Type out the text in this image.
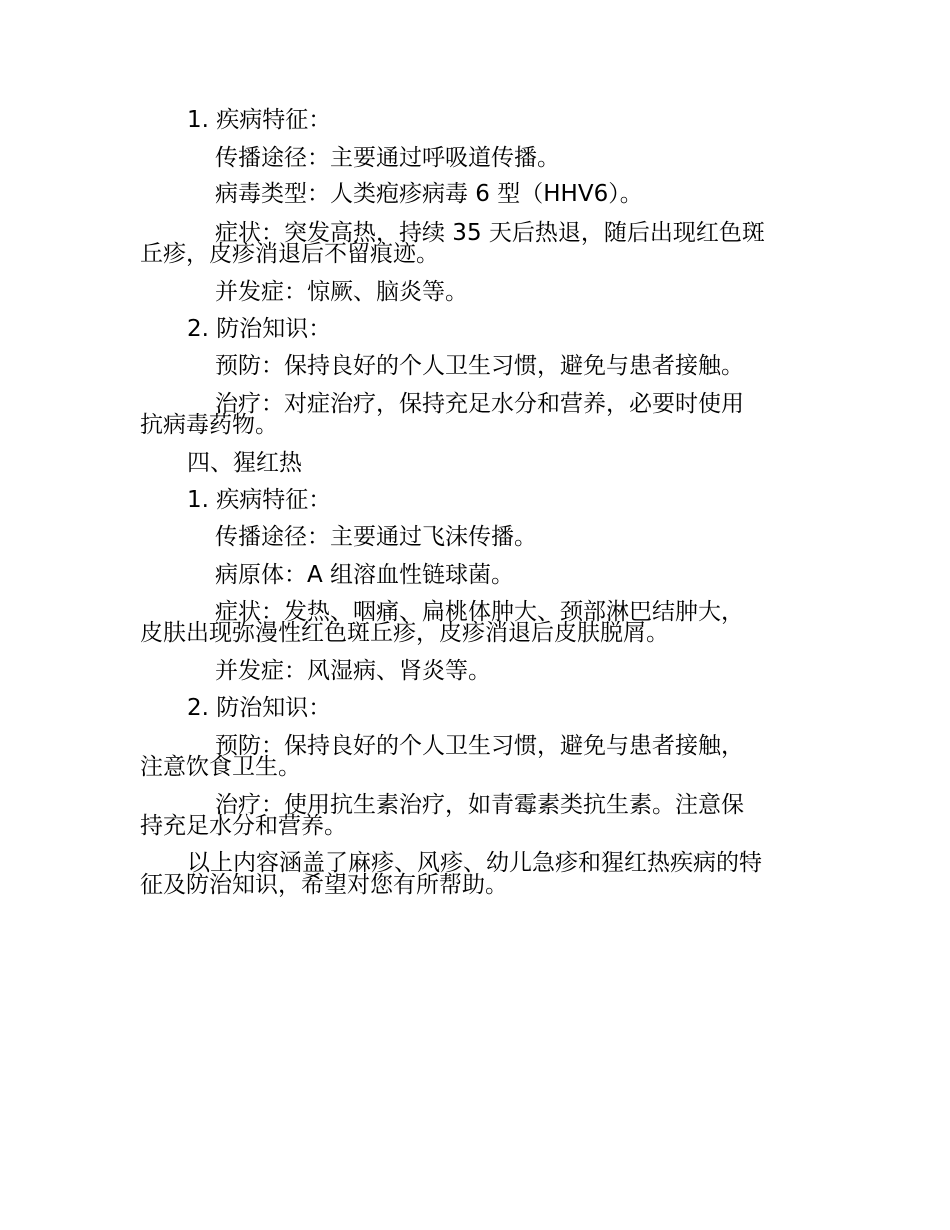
1. 疾病特征：
传播途径：主要通过呼吸道传播。
病毒类型：人类疱疹病毒 6 型（HHV6）。
症状：突发高热，持续 35 天后热退，随后出现红色斑
丘疹，皮疹消退后不留痕迹。
并发症：惊厥、脑炎等。
2. 防治知识：
预防：保持良好的个人卫生习惯，避免与患者接触。
治疗：对症治疗，保持充足水分和营养，必要时使用
抗病毒药物。
四、猩红热
1. 疾病特征：
传播途径：主要通过飞沫传播。
病原体：A 组溶血性链球菌。
症状：发热、咽痛、扁桃体肿大、颈部淋巴结肿大，
皮肤出现弥漫性红色斑丘疹，皮疹消退后皮肤脱屑。
并发症：风湿病、肾炎等。
2. 防治知识：
预防：保持良好的个人卫生习惯，避免与患者接触，
注意饮食卫生。
治疗：使用抗生素治疗，如青霉素类抗生素。注意保
持充足水分和营养。
以上内容涵盖了麻疹、风疹、幼儿急疹和猩红热疾病的特
征及防治知识，希望对您有所帮助。
